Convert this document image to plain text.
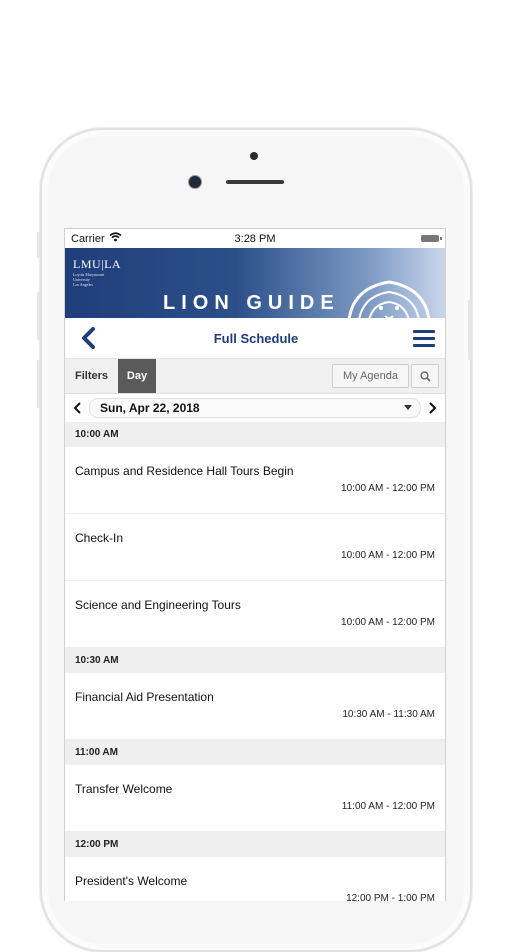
Carrier	3:28 PM
LMU|LA
Loyola Marymount
University
Los Angeles
LION GUIDE
Full Schedule
Filters	Day	My Agenda
Sun, Apr 22, 2018
10:00 AM
Campus and Residence Hall Tours Begin
10:00 AM - 12:00 PM
Check-In
10:00 AM - 12:00 PM
Science and Engineering Tours
10:00 AM - 12:00 PM
10:30 AM
Financial Aid Presentation
10:30 AM - 11:30 AM
11:00 AM
Transfer Welcome
11:00 AM - 12:00 PM
12:00 PM
President's Welcome
12:00 PM - 1:00 PM
